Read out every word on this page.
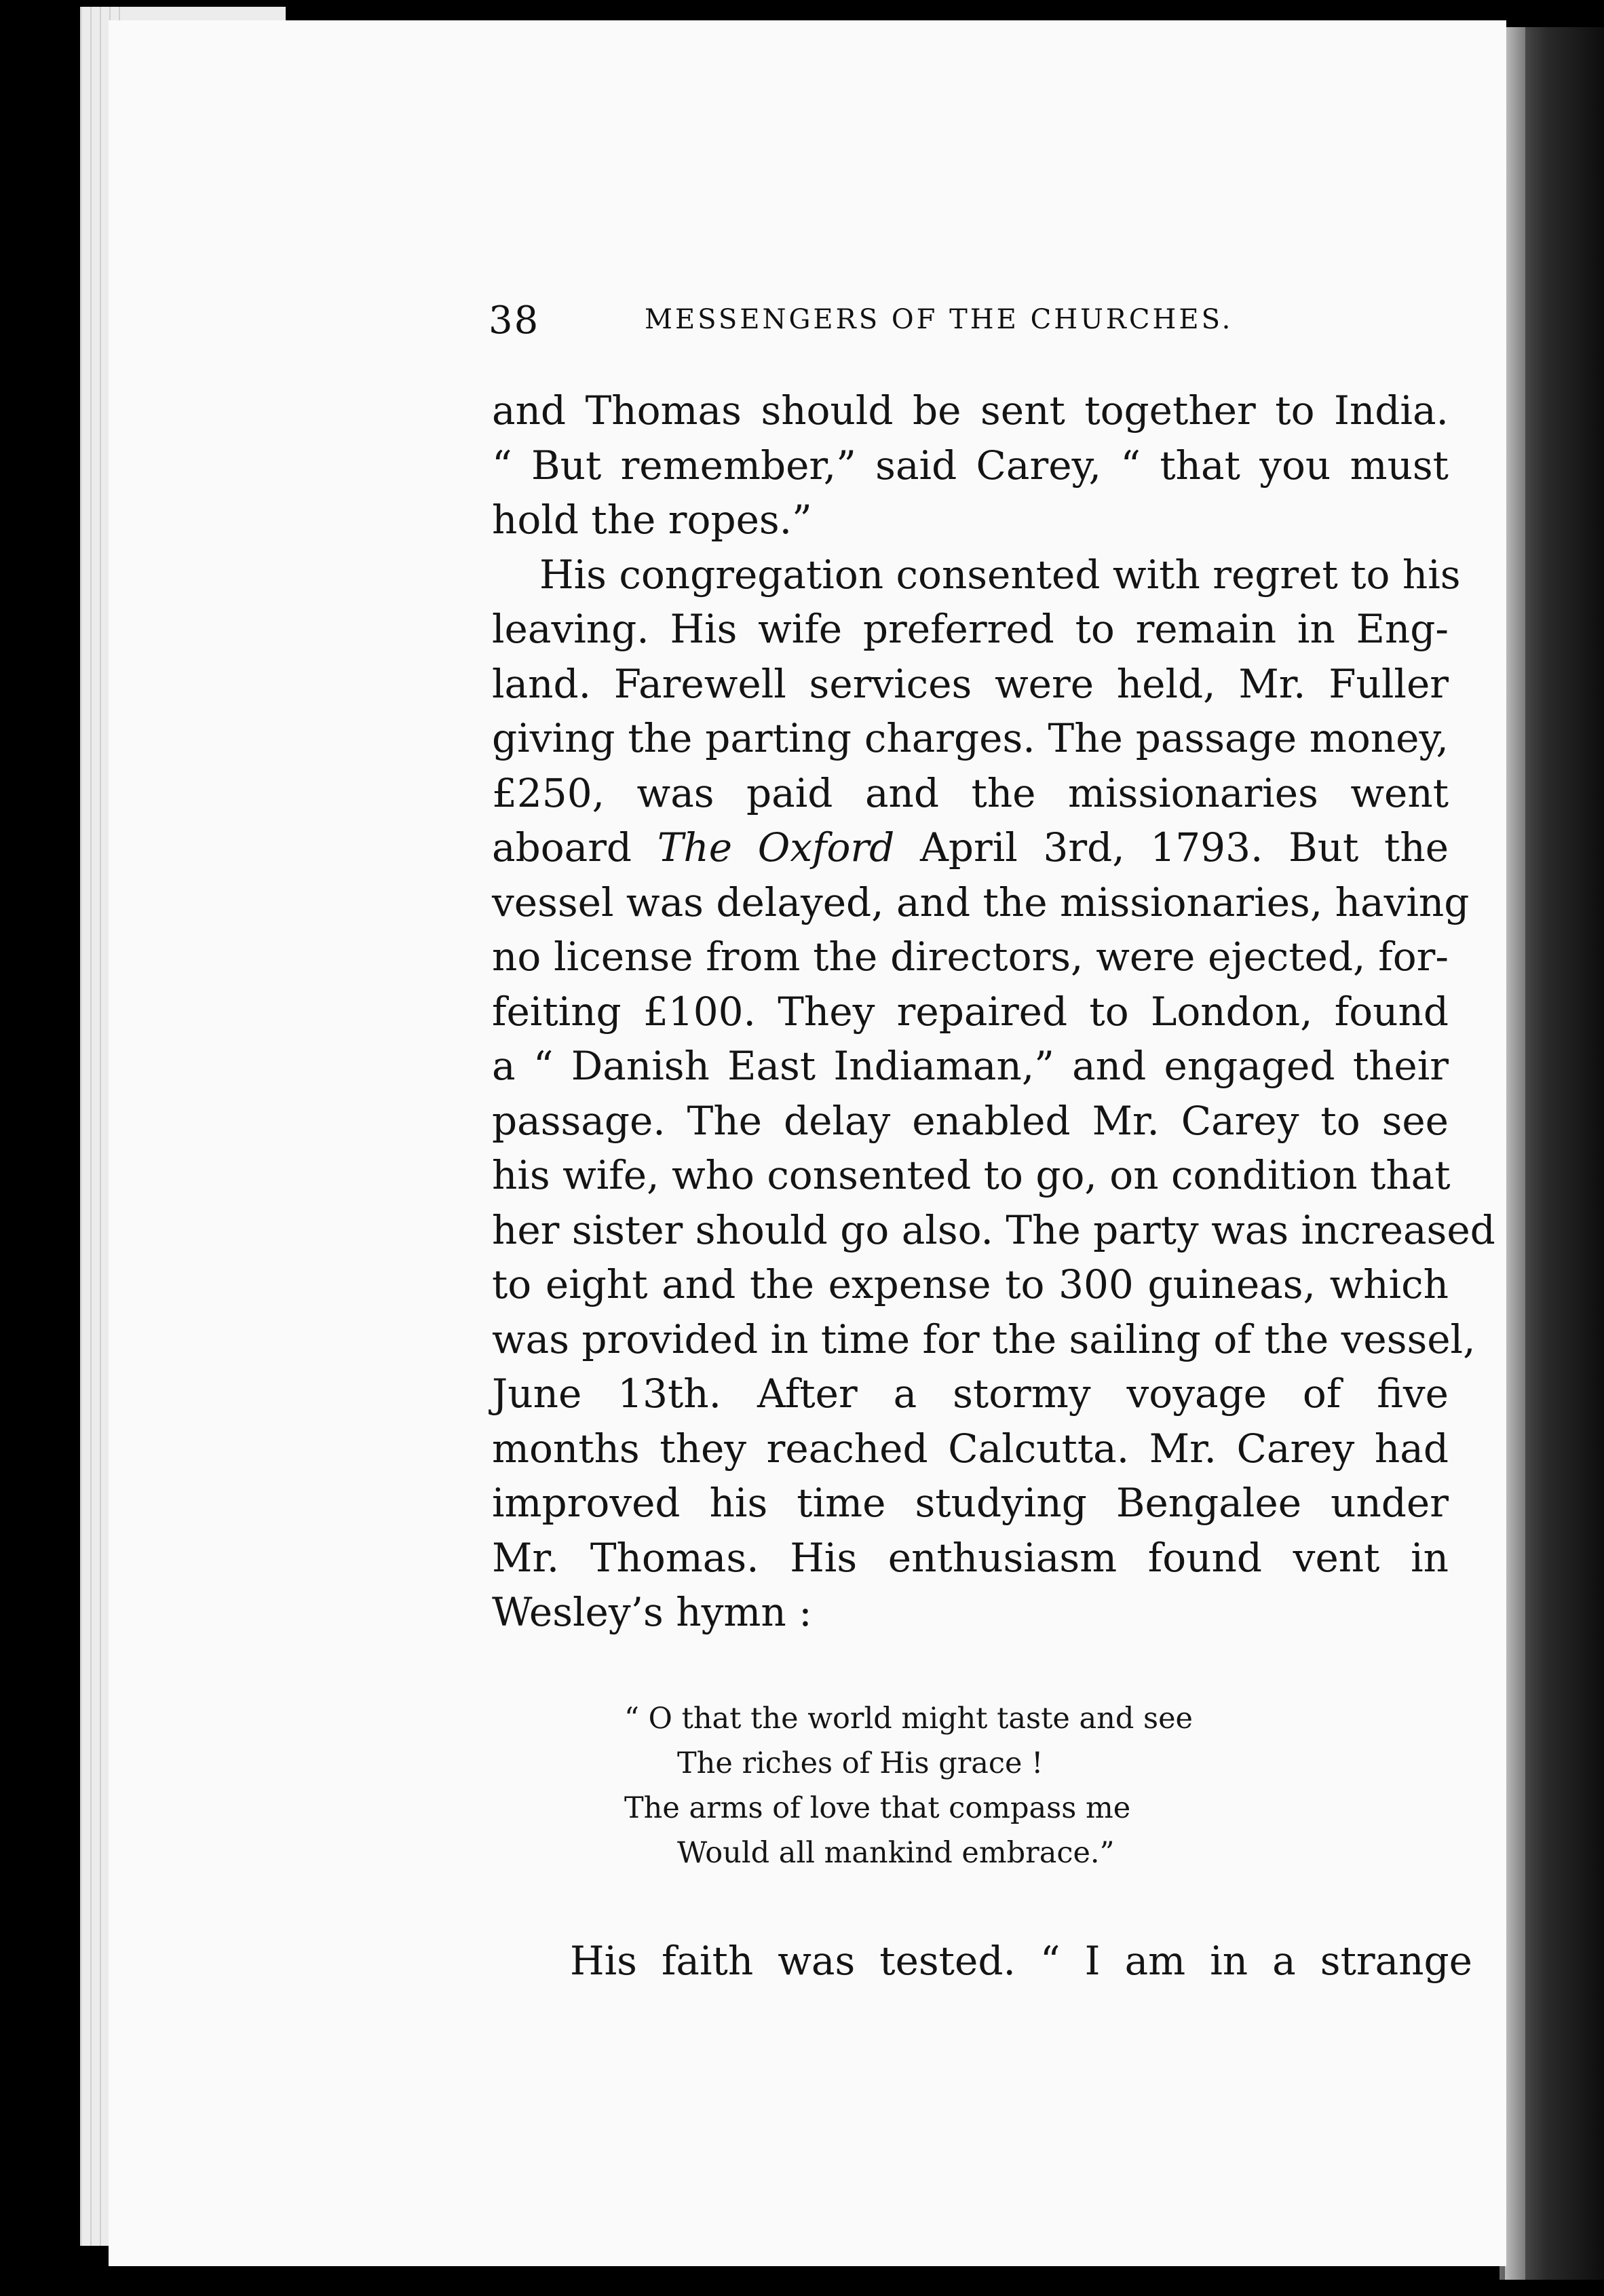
38	MESSENGERS OF THE CHURCHES.
and Thomas should be sent together to India.
“ But remember,” said Carey, “ that you must
hold the ropes.”
His congregation consented with regret to his
leaving. His wife preferred to remain in Eng-
land. Farewell services were held, Mr. Fuller
giving the parting charges. The passage money,
£250, was paid and the missionaries went
aboard The Oxford April 3rd, 1793. But the
vessel was delayed, and the missionaries, having
no license from the directors, were ejected, for-
feiting £100. They repaired to London, found
a “ Danish East Indiaman,” and engaged their
passage. The delay enabled Mr. Carey to see
his wife, who consented to go, on condition that
her sister should go also. The party was increased
to eight and the expense to 300 guineas, which
was provided in time for the sailing of the vessel,
June 13th. After a stormy voyage of five
months they reached Calcutta. Mr. Carey had
improved his time studying Bengalee under
Mr. Thomas. His enthusiasm found vent in
Wesley’s hymn :
“ O that the world might taste and see
The riches of His grace !
The arms of love that compass me
Would all mankind embrace.”
His faith was tested. “ I am in a strange
